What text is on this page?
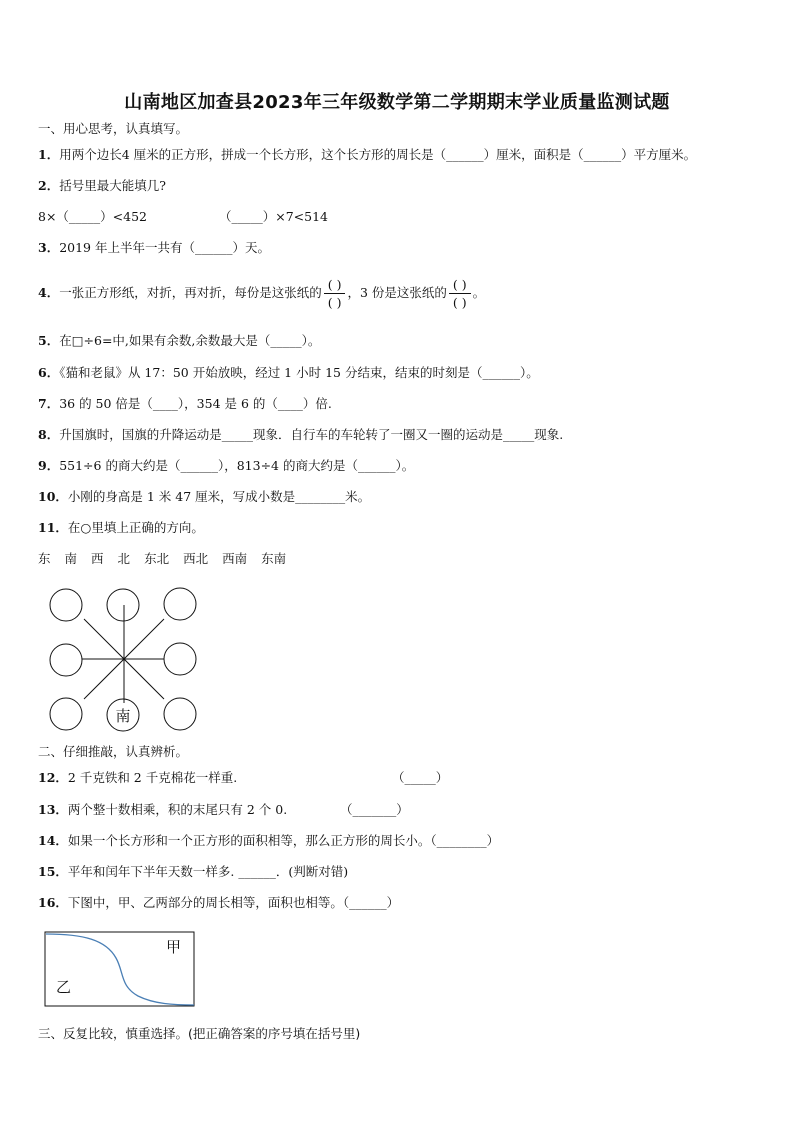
山南地区加查县2023年三年级数学第二学期期末学业质量监测试题
一、用心思考，认真填写。
1．用两个边长4 厘米的正方形，拼成一个长方形，这个长方形的周长是（______）厘米，面积是（______）平方厘米。
2．括号里最大能填几?
8×（_____）<452	（_____）×7<514
3．2019 年上半年一共有（______）天。
4．一张正方形纸，对折，再对折，每份是这张纸的 $\frac{( )}{( )}$ ，3 份是这张纸的 $\frac{( )}{( )}$ 。
5．在□÷6=中,如果有余数,余数最大是（_____）。
6．《猫和老鼠》从 17：50 开始放映，经过 1 小时 15 分结束，结束的时刻是（______）。
7．36 的 50 倍是（____），354 是 6 的（____）倍.
8．升国旗时，国旗的升降运动是_____现象．自行车的车轮转了一圈又一圈的运动是_____现象.
9．551÷6 的商大约是（______），813÷4 的商大约是（______）。
10．小刚的身高是 1 米 47 厘米，写成小数是________米。
11．在○里填上正确的方向。
东 南 西 北 东北 西北 西南 东南
南
二、仔细推敲，认真辨析。
12．2 千克铁和 2 千克棉花一样重.	（_____）
13．两个整十数相乘，积的末尾只有 2 个 0.	（_______）
14．如果一个长方形和一个正方形的面积相等，那么正方形的周长小。（________）
15．平年和闰年下半年天数一样多. ______．(判断对错)
16．下图中，甲、乙两部分的周长相等，面积也相等。（______）
甲
乙
三、反复比较，慎重选择。(把正确答案的序号填在括号里)
